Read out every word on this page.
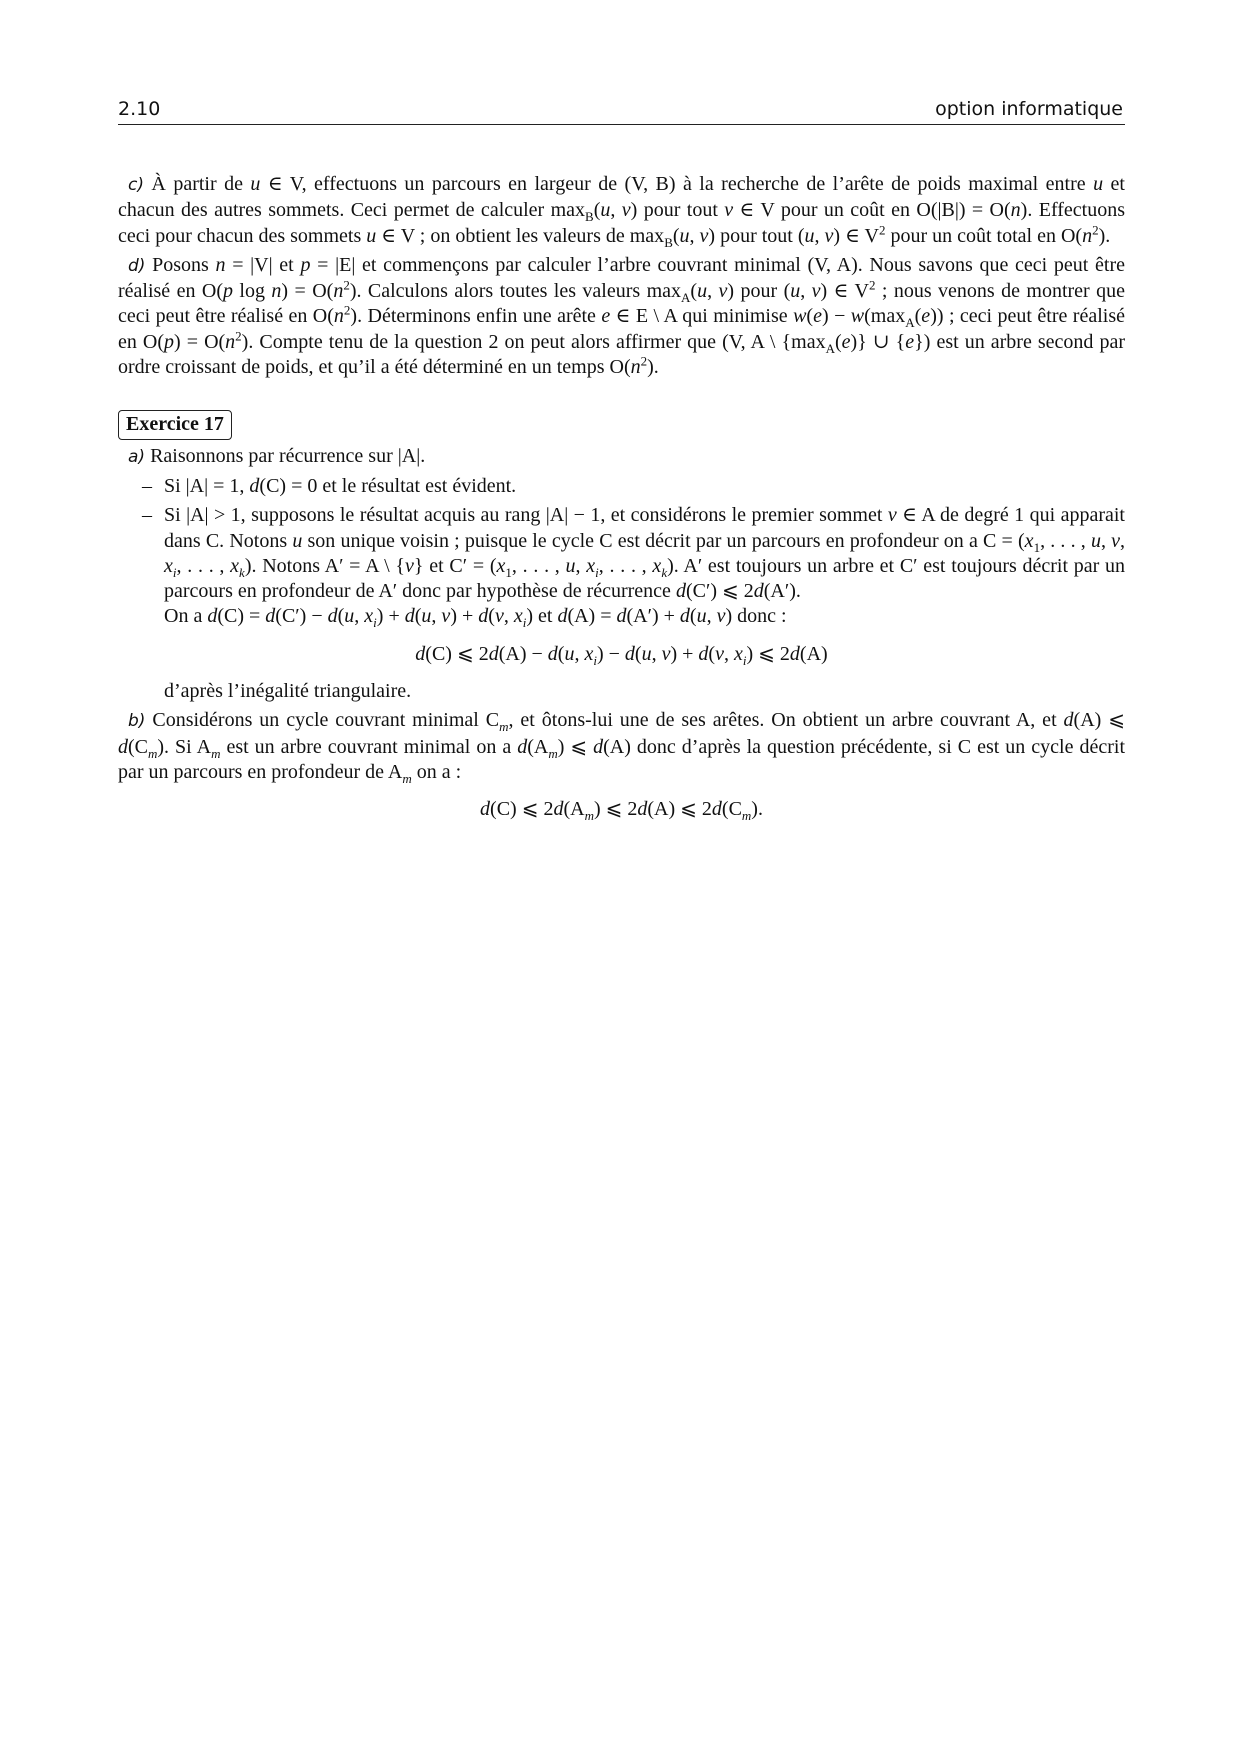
2.10	option informatique

c) À partir de u ∈ V, effectuons un parcours en largeur de (V, B) à la recherche de l’arête de poids maximal entre u et chacun des autres sommets. Ceci permet de calculer $\max_B(u$, v) pour tout v ∈ V pour un coût en O(|B|) = O(n). Effectuons ceci pour chacun des sommets u ∈ V ; on obtient les valeurs de $\max_B(u$, v) pour tout (u, v) ∈ $V^2$ pour un coût total en $O(n^2)$.

d) Posons n = |V| et p = |E| et commençons par calculer l’arbre couvrant minimal (V, A). Nous savons que ceci peut être réalisé en O(p $\log n) = O(n^2)$. Calculons alors toutes les valeurs $\max_A(u$, v) pour (u, v) ∈ $V^2$ ; nous venons de montrer que ceci peut être réalisé en $O(n^2)$. Déterminons enfin une arête e ∈ E \ A qui minimise $w(e) - w(\max_A(e))$ ; ceci peut être réalisé en $O(p) = O(n^2)$. Compte tenu de la question 2 on peut alors affirmer que (V, A \ $\{\max_A(e)\}$ ∪ {e}) est un arbre second par ordre croissant de poids, et qu’il a été déterminé en un temps $O(n^2)$.

Exercice 17

a) Raisonnons par récurrence sur |A|.

– Si |A| = 1, d(C) = 0 et le résultat est évident.
– Si |A| > 1, supposons le résultat acquis au rang |A| − 1, et considérons le premier sommet v ∈ A de degré 1 qui apparait dans C. Notons u son unique voisin ; puisque le cycle C est décrit par un parcours en profondeur on a $C = (x_1$, . . . , u, v, $x_i$, . . . , $x_k$). Notons A′ = A \ {v} et $C' = (x_1$, . . . , u, $x_i$, . . . , $x_k$). A′ est toujours un arbre et C′ est toujours décrit par un parcours en profondeur de A′ donc par hypothèse de récurrence d(C′) ⩽ 2d(A′).
On a d(C) = d(C′) − d(u, $x_i) + d(u$, v) + d(v, $x_i$) et d(A) = d(A′) + d(u, v) donc :
d(C) ⩽ 2d(A) − d(u, $x_i) - d(u$, v) + d(v, $x_i$) ⩽ 2d(A)
d’après l’inégalité triangulaire.

b) Considérons un cycle couvrant minimal $C_m$, et ôtons-lui une de ses arêtes. On obtient un arbre couvrant A, et d(A) ⩽ $d(C_m)$. Si $A_m$ est un arbre couvrant minimal on a $d(A_m)$ ⩽ d(A) donc d’après la question précédente, si C est un cycle décrit par un parcours en profondeur de $A_m$ on a :

d(C) ⩽ $2d(A_m)$ ⩽ 2d(A) ⩽ $2d(C_m)$.
